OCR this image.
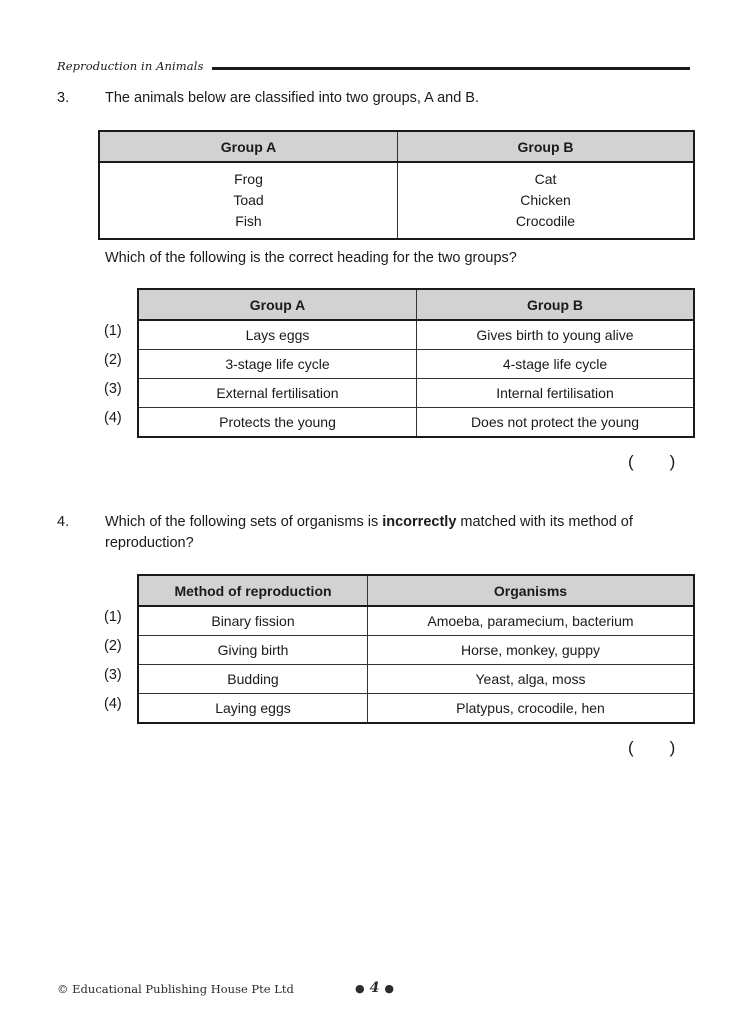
Reproduction in Animals
3.	The animals below are classified into two groups, A and B.
Group A	Group B

Frog
Toad
Fish

Cat
Chicken
Crocodile
Which of the following is the correct heading for the two groups?
(1)
(2)
(3)
(4)
Group A	Group B
Lays eggs	Gives birth to young alive
3-stage life cycle	4-stage life cycle
External fertilisation	Internal fertilisation
Protects the young	Does not protect the young
()
4.	Which of the following sets of organisms is incorrectly matched with its method of reproduction?
(1)
(2)
(3)
(4)
Method of reproduction	Organisms
Binary fission	Amoeba, paramecium, bacterium
Giving birth	Horse, monkey, guppy
Budding	Yeast, alga, moss
Laying eggs	Platypus, crocodile, hen
()
© Educational Publishing House Pte Ltd	● 4 ●
